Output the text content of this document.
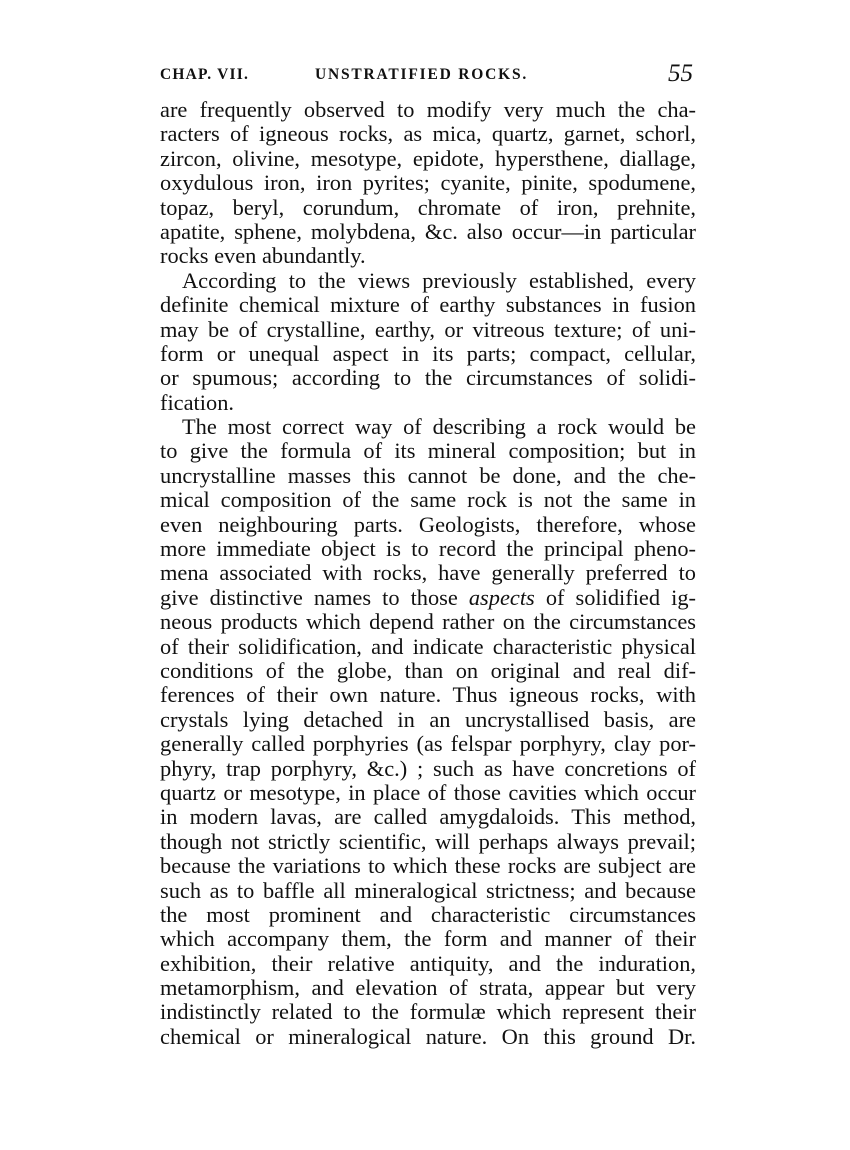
CHAP. VII.	UNSTRATIFIED ROCKS.	55
are frequently observed to modify very much the cha-
racters of igneous rocks, as mica, quartz, garnet, schorl,
zircon, olivine, mesotype, epidote, hypersthene, diallage,
oxydulous iron, iron pyrites; cyanite, pinite, spodumene,
topaz, beryl, corundum, chromate of iron, prehnite,
apatite, sphene, molybdena, &c. also occur—in particular
rocks even abundantly.
According to the views previously established, every
definite chemical mixture of earthy substances in fusion
may be of crystalline, earthy, or vitreous texture; of uni-
form or unequal aspect in its parts; compact, cellular,
or spumous; according to the circumstances of solidi-
fication.
The most correct way of describing a rock would be
to give the formula of its mineral composition; but in
uncrystalline masses this cannot be done, and the che-
mical composition of the same rock is not the same in
even neighbouring parts. Geologists, therefore, whose
more immediate object is to record the principal pheno-
mena associated with rocks, have generally preferred to
give distinctive names to those aspects of solidified ig-
neous products which depend rather on the circumstances
of their solidification, and indicate characteristic physical
conditions of the globe, than on original and real dif-
ferences of their own nature. Thus igneous rocks, with
crystals lying detached in an uncrystallised basis, are
generally called porphyries (as felspar porphyry, clay por-
phyry, trap porphyry, &c.) ; such as have concretions of
quartz or mesotype, in place of those cavities which occur
in modern lavas, are called amygdaloids. This method,
though not strictly scientific, will perhaps always prevail;
because the variations to which these rocks are subject are
such as to baffle all mineralogical strictness; and because
the most prominent and characteristic circumstances
which accompany them, the form and manner of their
exhibition, their relative antiquity, and the induration,
metamorphism, and elevation of strata, appear but very
indistinctly related to the formulæ which represent their
chemical or mineralogical nature. On this ground Dr.
